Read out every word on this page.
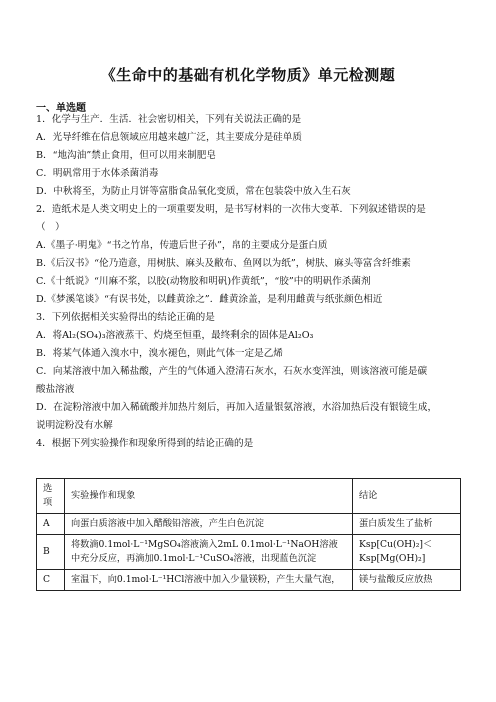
《生命中的基础有机化学物质》单元检测题
一、单选题
1．化学与生产．生活．社会密切相关，下列有关说法正确的是
A．光导纤维在信息领域应用越来越广泛，其主要成分是硅单质
B．“地沟油”禁止食用，但可以用来制肥皂
C．明矾常用于水体杀菌消毒
D．中秋将至，为防止月饼等富脂食品氧化变质，常在包装袋中放入生石灰
2．造纸术是人类文明史上的一项重要发明，是书写材料的一次伟大变革．下列叙述错误的是
（　）
A.《墨子·明鬼》“书之竹帛，传遗后世子孙”，帛的主要成分是蛋白质
B.《后汉书》“伦乃造意，用树肤、麻头及敝布、鱼网以为纸”，树肤、麻头等富含纤维素
C.《十纸说》“川麻不浆，以胶(动物胶和明矾)作黄纸”，“胶”中的明矾作杀菌剂
D.《梦溪笔谈》“有误书处，以雌黄涂之”．雌黄涂盖，是利用雌黄与纸张颜色相近
3．下列依据相关实验得出的结论正确的是
A．将Al₂(SO₄)₃溶液蒸干、灼烧至恒重，最终剩余的固体是Al₂O₃
B．将某气体通入溴水中，溴水褪色，则此气体一定是乙烯
C．向某溶液中加入稀盐酸，产生的气体通入澄清石灰水，石灰水变浑浊，则该溶液可能是碳
酸盐溶液
D．在淀粉溶液中加入稀硫酸并加热片刻后，再加入适量银氨溶液，水浴加热后没有银镜生成，
说明淀粉没有水解
4．根据下列实验操作和现象所得到的结论正确的是
选项	实验操作和现象	结论
A	向蛋白质溶液中加入醋酸铅溶液，产生白色沉淀	蛋白质发生了盐析
B	将数滴0.1mol·L⁻¹MgSO₄溶液滴入2mL 0.1mol·L⁻¹NaOH溶液中充分反应，再滴加0.1mol·L⁻¹CuSO₄溶液，出现蓝色沉淀	Ksp[Cu(OH)₂]＜Ksp[Mg(OH)₂]
C	室温下，向0.1mol·L⁻¹HCl溶液中加入少量镁粉，产生大量气泡，	镁与盐酸反应放热
